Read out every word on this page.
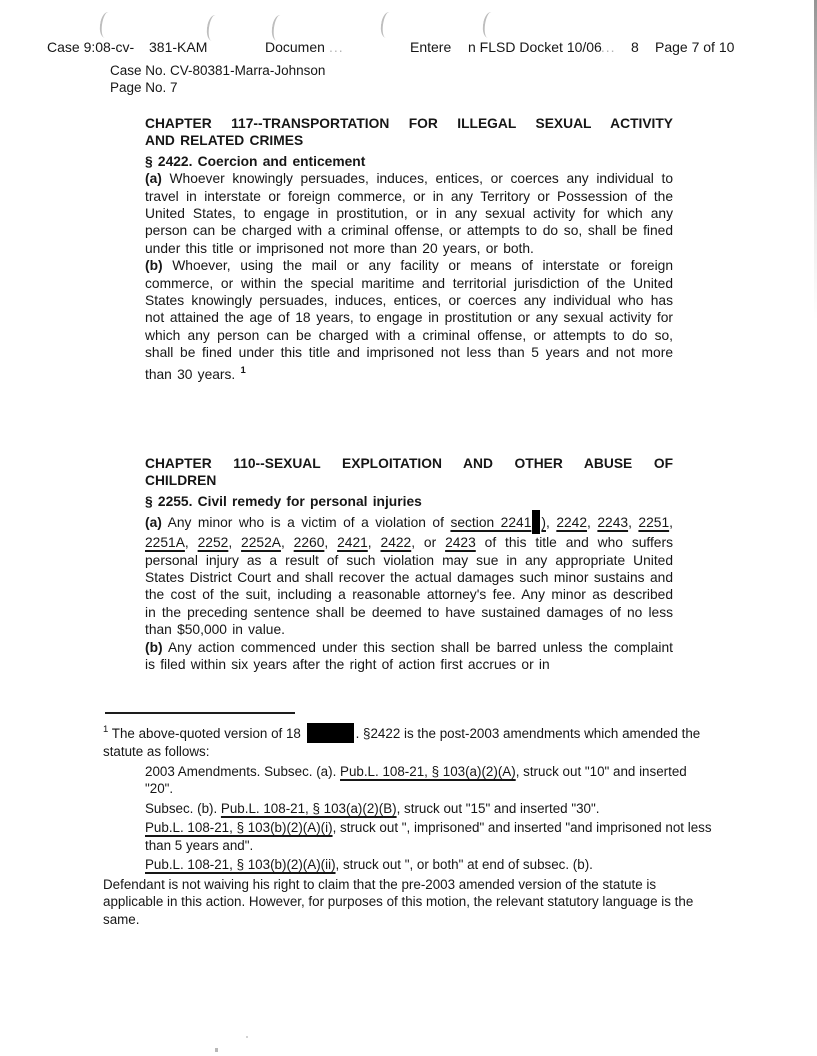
Case 9:08-cv- 381-KAM	Documen ...	Entere n FLSD Docket 10/06
.... 8 Page 7 of 10
Case No. CV-80381-Marra-Johnson
Page No. 7
CHAPTER 117--TRANSPORTATION FOR ILLEGAL SEXUAL ACTIVITY
AND RELATED CRIMES
§ 2422. Coercion and enticement

(a) Whoever knowingly persuades, induces, entices, or coerces any individual to travel in interstate or foreign commerce, or in any Territory or Possession of the United States, to engage in prostitution, or in any sexual activity for which any person can be charged with a criminal offense, or attempts to do so, shall be fined under this title or imprisoned not more than 20 years, or both.

(b) Whoever, using the mail or any facility or means of interstate or foreign commerce, or within the special maritime and territorial jurisdiction of the United States knowingly persuades, induces, entices, or coerces any individual who has not attained the age of 18 years, to engage in prostitution or any sexual activity for which any person can be charged with a criminal offense, or attempts to do so, shall be fined under this title and imprisoned not less than 5 years and not more than 30 years. $^1$

CHAPTER 110--SEXUAL EXPLOITATION AND OTHER ABUSE OF
CHILDREN
§ 2255. Civil remedy for personal injuries

(a) Any minor who is a victim of a violation of section 2241 ), 2242, 2243, 2251, 2251A, 2252, 2252A, 2260, 2421, 2422, or 2423 of this title and who suffers personal injury as a result of such violation may sue in any appropriate United States District Court and shall recover the actual damages such minor sustains and the cost of the suit, including a reasonable attorney's fee. Any minor as described in the preceding sentence shall be deemed to have sustained damages of no less than $50,000 in value.

(b) Any action commenced under this section shall be barred unless the complaint is filed within six years after the right of action first accrues or in

$^1$ The above-quoted version of 18	. §2422 is the post-2003 amendments which amended the statute as follows:

2003 Amendments. Subsec. (a). Pub.L. 108-21, § 103(a)(2)(A), struck out "10" and inserted "20".

Subsec. (b). Pub.L. 108-21, § 103(a)(2)(B), struck out "15" and inserted "30".

Pub.L. 108-21, § 103(b)(2)(A)(i), struck out ", imprisoned" and inserted "and imprisoned not less than 5 years and".

Pub.L. 108-21, § 103(b)(2)(A)(ii), struck out ", or both" at end of subsec. (b).

Defendant is not waiving his right to claim that the pre-2003 amended version of the statute is applicable in this action. However, for purposes of this motion, the relevant statutory language is the same.
